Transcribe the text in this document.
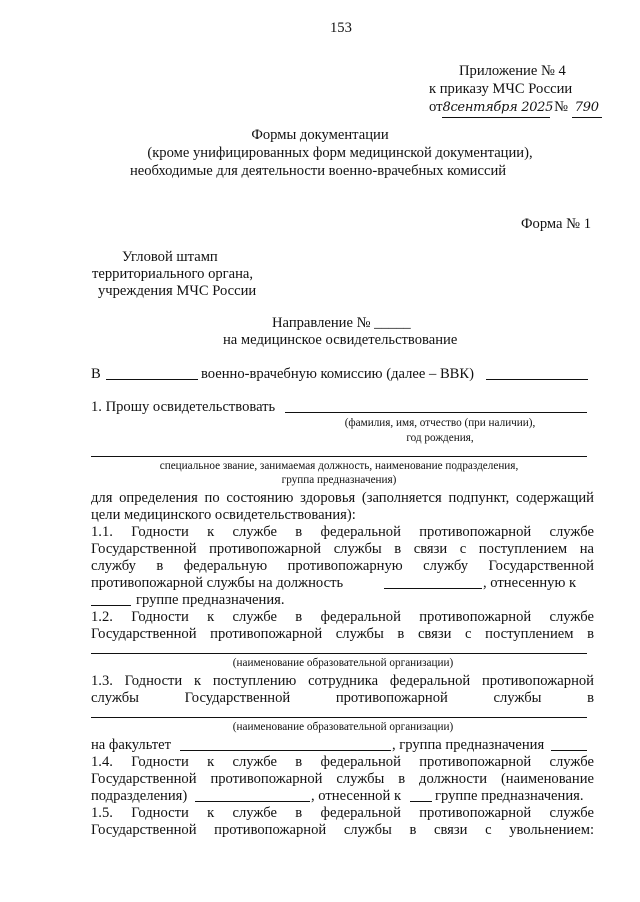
153
Приложение № 4
к приказу МЧС России
от8сентября 2025 № 790
Формы документации
(кроме унифицированных форм медицинской документации),
необходимые для деятельности военно-врачебных комиссий
Форма № 1
Угловой штамп
территориального органа,
учреждения МЧС России
Направление № _____
на медицинское освидетельствование
В	военно-врачебную комиссию (далее – ВВК)
1. Прошу освидетельствовать
(фамилия, имя, отчество (при наличии),
год рождения,
специальное звание, занимаемая должность, наименование подразделения,
группа предназначения)
для определения по состоянию здоровья (заполняется подпункт, содержащий
цели медицинского освидетельствования):
1.1. Годности к службе в федеральной противопожарной службе
Государственной противопожарной службы в связи с поступлением на
службу в федеральную противопожарную службу Государственной
противопожарной службы на должность	, отнесенную к
группе предназначения.
1.2. Годности к службе в федеральной противопожарной службе
Государственной противопожарной службы в связи с поступлением в
(наименование образовательной организации)
1.3. Годности к поступлению сотрудника федеральной противопожарной
службы Государственной противопожарной службы в
(наименование образовательной организации)
на факультет	, группа предназначения
1.4. Годности к службе в федеральной противопожарной службе
Государственной противопожарной службы в должности (наименование
подразделения)	, отнесенной к группе предназначения.
1.5. Годности к службе в федеральной противопожарной службе
Государственной противопожарной службы в связи с увольнением:
